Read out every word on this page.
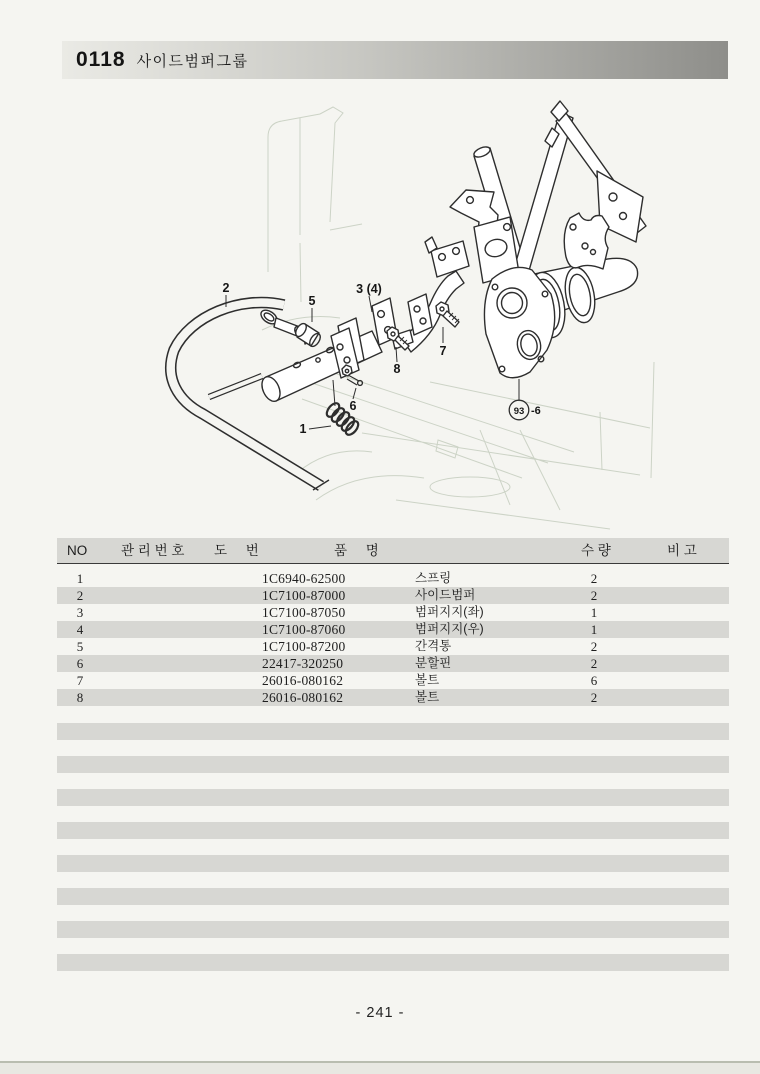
0118 사이드범퍼그룹
2
5
3 (4)
7
8
6
1
93 -6
NO	관 리 번 호 도     번	품     명	수 량	비 고
1	1C6940-62500	스프링	2
2	1C7100-87000	사이드범퍼	2
3	1C7100-87050	범퍼지지(좌)	1
4	1C7100-87060	범퍼지지(우)	1
5	1C7100-87200	간격통	2
6	22417-320250	분할핀	2
7	26016-080162	볼트	6
8	26016-080162	볼트	2
- 241 -
